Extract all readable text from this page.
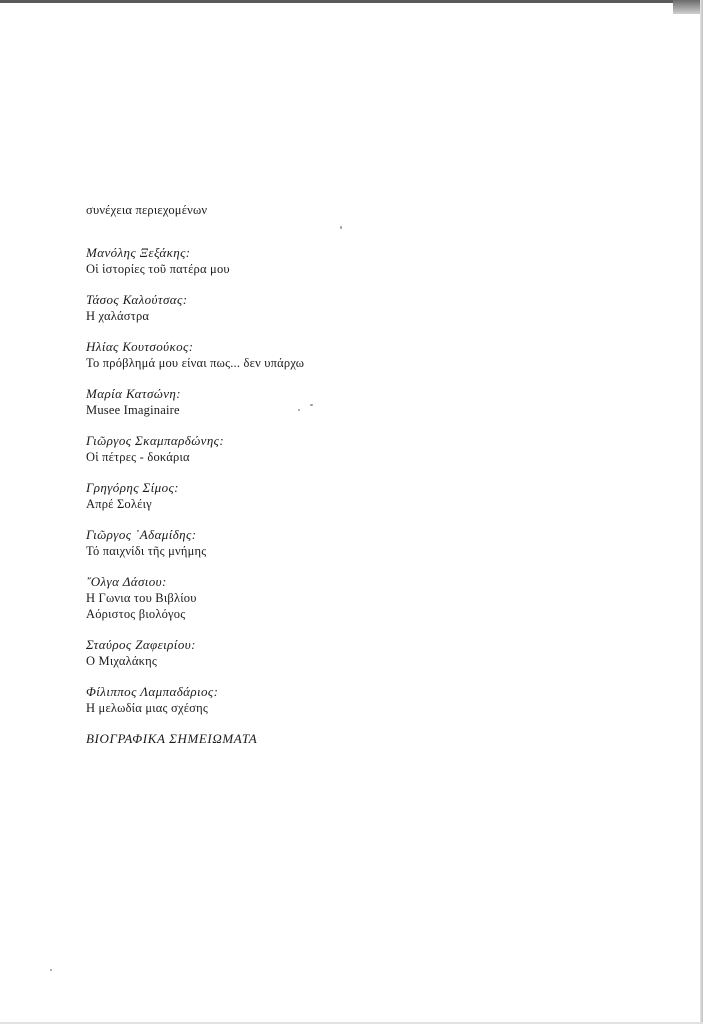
συνέχεια περιεχομένων
Μανόλης Ξεξάκης:
Οἱ ἱστορίες τοῦ πατέρα μου
Τάσος Καλούτσας:
Η χαλάστρα
Ηλίας Κουτσούκος:
Το πρόβλημά μου είναι πως... δεν υπάρχω
Μαρία Κατσώνη:
Musee Imaginaire
Γιῶργος Σκαμπαρδώνης:
Οἱ πέτρες - δοκάρια
Γρηγόρης Σίμος:
Απρέ Σολέιγ
Γιῶργος ᾿Αδαμίδης:
Τό παιχνίδι τῆς μνήμης
῎Ολγα Δάσιου:
Η Γωνια του Βιβλίου
Αόριστος βιολόγος
Σταύρος Ζαφειρίου:
Ο Μιχαλάκης
Φίλιππος Λαμπαδάριος:
Η μελωδία μιας σχέσης
ΒΙΟΓΡΑΦΙΚΑ ΣΗΜΕΙΩΜΑΤΑ
